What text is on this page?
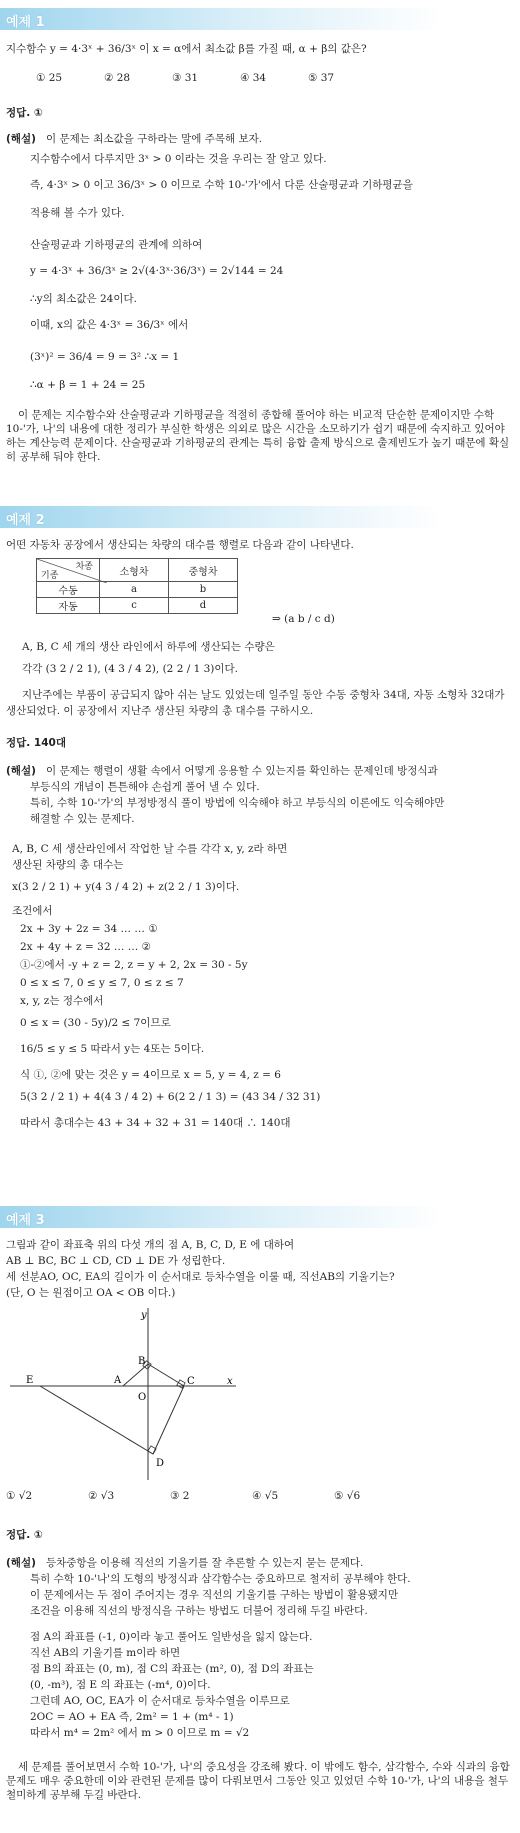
예제 1
지수함수 y = 4·3ˣ + 36/3ˣ 이 x = α에서 최소값 β를 가질 때, α + β의 값은?
① 25	② 28	③ 31	④ 34	⑤ 37
정답. ①
(해설) 이 문제는 최소값을 구하라는 말에 주목해 보자.
지수함수에서 다루지만 3ˣ > 0 이라는 것을 우리는 잘 알고 있다.
즉, 4·3ˣ > 0 이고 36/3ˣ > 0 이므로 수학 10-'가'에서 다룬 산술평균과 기하평균을
적용해 볼 수가 있다.
산술평균과 기하평균의 관계에 의하여
y = 4·3ˣ + 36/3ˣ ≥ 2√(4·3ˣ·36/3ˣ) = 2√144 = 24
∴y의 최소값은 24이다.
이때, x의 값은 4·3ˣ = 36/3ˣ 에서
(3ˣ)² = 36/4 = 9 = 3² ∴x = 1
∴α + β = 1 + 24 = 25
이 문제는 지수함수와 산술평균과 기하평균을 적절히 종합해 풀어야 하는 비교적 단순한 문제이지만 수학 10-'가, 나'의 내용에 대한 정리가 부실한 학생은 의외로 많은 시간을 소모하기가 쉽기 때문에 숙지하고 있어야 하는 계산능력 문제이다. 산술평균과 기하평균의 관계는 특히 융합 출제 방식으로 출제빈도가 높기 때문에 확실히 공부해 둬야 한다.
예제 2
어떤 자동차 공장에서 생산되는 차량의 대수를 행렬로 다음과 같이 나타낸다.
차종
기종	소형차	중형차
수동	a	b
자동	c	d
⇒ (a b / c d)
A, B, C 세 개의 생산 라인에서 하루에 생산되는 수량은
각각 (3 2 / 2 1), (4 3 / 4 2), (2 2 / 1 3)이다.
지난주에는 부품이 공급되지 않아 쉬는 날도 있었는데 일주일 동안 수동 중형차 34대, 자동 소형차 32대가
생산되었다. 이 공장에서 지난주 생산된 차량의 총 대수를 구하시오.
정답. 140대
(해설) 이 문제는 행렬이 생활 속에서 어떻게 응용할 수 있는지를 확인하는 문제인데 방정식과
부등식의 개념이 튼튼해야 손쉽게 풀어 낼 수 있다.
특히, 수학 10-'가'의 부정방정식 풀이 방법에 익숙해야 하고 부등식의 이론에도 익숙해야만
해결할 수 있는 문제다.
A, B, C 세 생산라인에서 작업한 날 수를 각각 x, y, z라 하면
생산된 차량의 총 대수는
x(3 2 / 2 1) + y(4 3 / 4 2) + z(2 2 / 1 3)이다.
조건에서
2x + 3y + 2z = 34 … … ①
2x + 4y + z = 32 … … ②
①-②에서 -y + z = 2, z = y + 2, 2x = 30 - 5y
0 ≤ x ≤ 7, 0 ≤ y ≤ 7, 0 ≤ z ≤ 7
x, y, z는 정수에서
0 ≤ x = (30 - 5y)/2 ≤ 7이므로
16/5 ≤ y ≤ 5 따라서 y는 4또는 5이다.
식 ①, ②에 맞는 것은 y = 4이므로 x = 5, y = 4, z = 6
5(3 2 / 2 1) + 4(4 3 / 4 2) + 6(2 2 / 1 3) = (43 34 / 32 31)
따라서 총대수는 43 + 34 + 32 + 31 = 140대 ∴ 140대
예제 3
그림과 같이 좌표축 위의 다섯 개의 점 A, B, C, D, E 에 대하여
AB ⊥ BC, BC ⊥ CD, CD ⊥ DE 가 성립한다.
세 선분AO, OC, EA의 길이가 이 순서대로 등차수열을 이룰 때, 직선AB의 기울기는?
(단, O 는 원점이고 OA < OB 이다.)
y
x
O
A
B
C
D
E
① √2	② √3	③ 2	④ √5	⑤ √6
정답. ①
(해설) 등차중항을 이용해 직선의 기울기를 잘 추론할 수 있는지 묻는 문제다.
특히 수학 10-'나'의 도형의 방정식과 삼각함수는 중요하므로 철저히 공부해야 한다.
이 문제에서는 두 점이 주어지는 경우 직선의 기울기를 구하는 방법이 활용됐지만
조건을 이용해 직선의 방정식을 구하는 방법도 더불어 정리해 두길 바란다.
점 A의 좌표를 (-1, 0)이라 놓고 풀어도 일반성을 잃지 않는다.
직선 AB의 기울기를 m이라 하면
점 B의 좌표는 (0, m), 점 C의 좌표는 (m², 0), 점 D의 좌표는
(0, -m³), 점 E 의 좌표는 (-m⁴, 0)이다.
그런데 AO, OC, EA가 이 순서대로 등차수열을 이루므로
2OC = AO + EA 즉, 2m² = 1 + (m⁴ - 1)
따라서 m⁴ = 2m² 에서 m > 0 이므로 m = √2
세 문제를 풀어보면서 수학 10-'가, 나'의 중요성을 강조해 봤다. 이 밖에도 함수, 삼각함수, 수와 식과의 융합문제도 매우 중요한데 이와 관련된 문제를 많이 다뤄보면서 그동안 잊고 있었던 수학 10-'가, 나'의 내용을 철두철미하게 공부해 두길 바란다.
